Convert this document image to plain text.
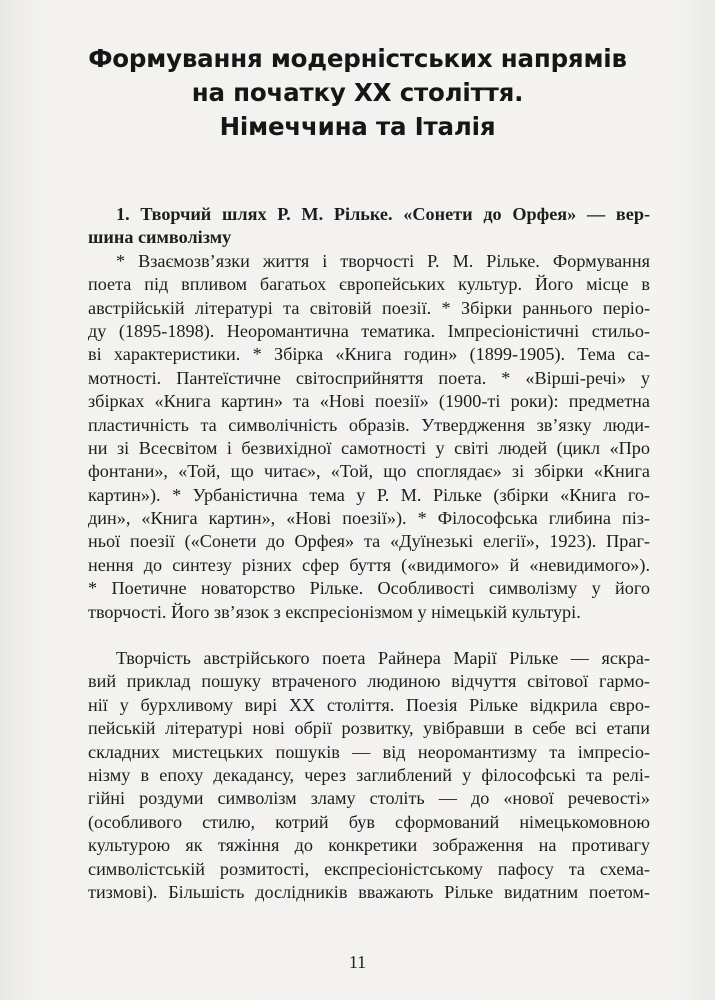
Формування модерністських напрямів
на початку ХХ століття.
Німеччина та Італія
1. Творчий шлях Р. М. Рільке. «Сонети до Орфея» — вер-
шина символізму
* Взаємозв’язки життя і творчості Р. М. Рільке. Формування
поета під впливом багатьох європейських культур. Його місце в
австрійській літературі та світовій поезії. * Збірки раннього періо-
ду (1895-1898). Неоромантична тематика. Імпресіоністичні стильо-
ві характеристики. * Збірка «Книга годин» (1899-1905). Тема са-
мотності. Пантеїстичне світосприйняття поета. * «Вірші-речі» у
збірках «Книга картин» та «Нові поезії» (1900-ті роки): предметна
пластичність та символічність образів. Утвердження зв’язку люди-
ни зі Всесвітом і безвихідної самотності у світі людей (цикл «Про
фонтани», «Той, що читає», «Той, що споглядає» зі збірки «Книга
картин»). * Урбаністична тема у Р. М. Рільке (збірки «Книга го-
дин», «Книга картин», «Нові поезії»). * Філософська глибина піз-
ньої поезії («Сонети до Орфея» та «Дуїнезькі елегії», 1923). Праг-
нення до синтезу різних сфер буття («видимого» й «невидимого»).
* Поетичне новаторство Рільке. Особливості символізму у його
творчості. Його зв’язок з експресіонізмом у німецькій культурі.
Творчість австрійського поета Райнера Марії Рільке — яскра-
вий приклад пошуку втраченого людиною відчуття світової гармо-
нії у бурхливому вирі ХХ століття. Поезія Рільке відкрила євро-
пейській літературі нові обрії розвитку, увібравши в себе всі етапи
складних мистецьких пошуків — від неоромантизму та імпресіо-
нізму в епоху декадансу, через заглиблений у філософські та релі-
гійні роздуми символізм зламу століть — до «нової речевості»
(особливого стилю, котрий був сформований німецькомовною
культурою як тяжіння до конкретики зображення на противагу
символістській розмитості, експресіоністському пафосу та схема-
тизмові). Більшість дослідників вважають Рільке видатним поетом-
11
